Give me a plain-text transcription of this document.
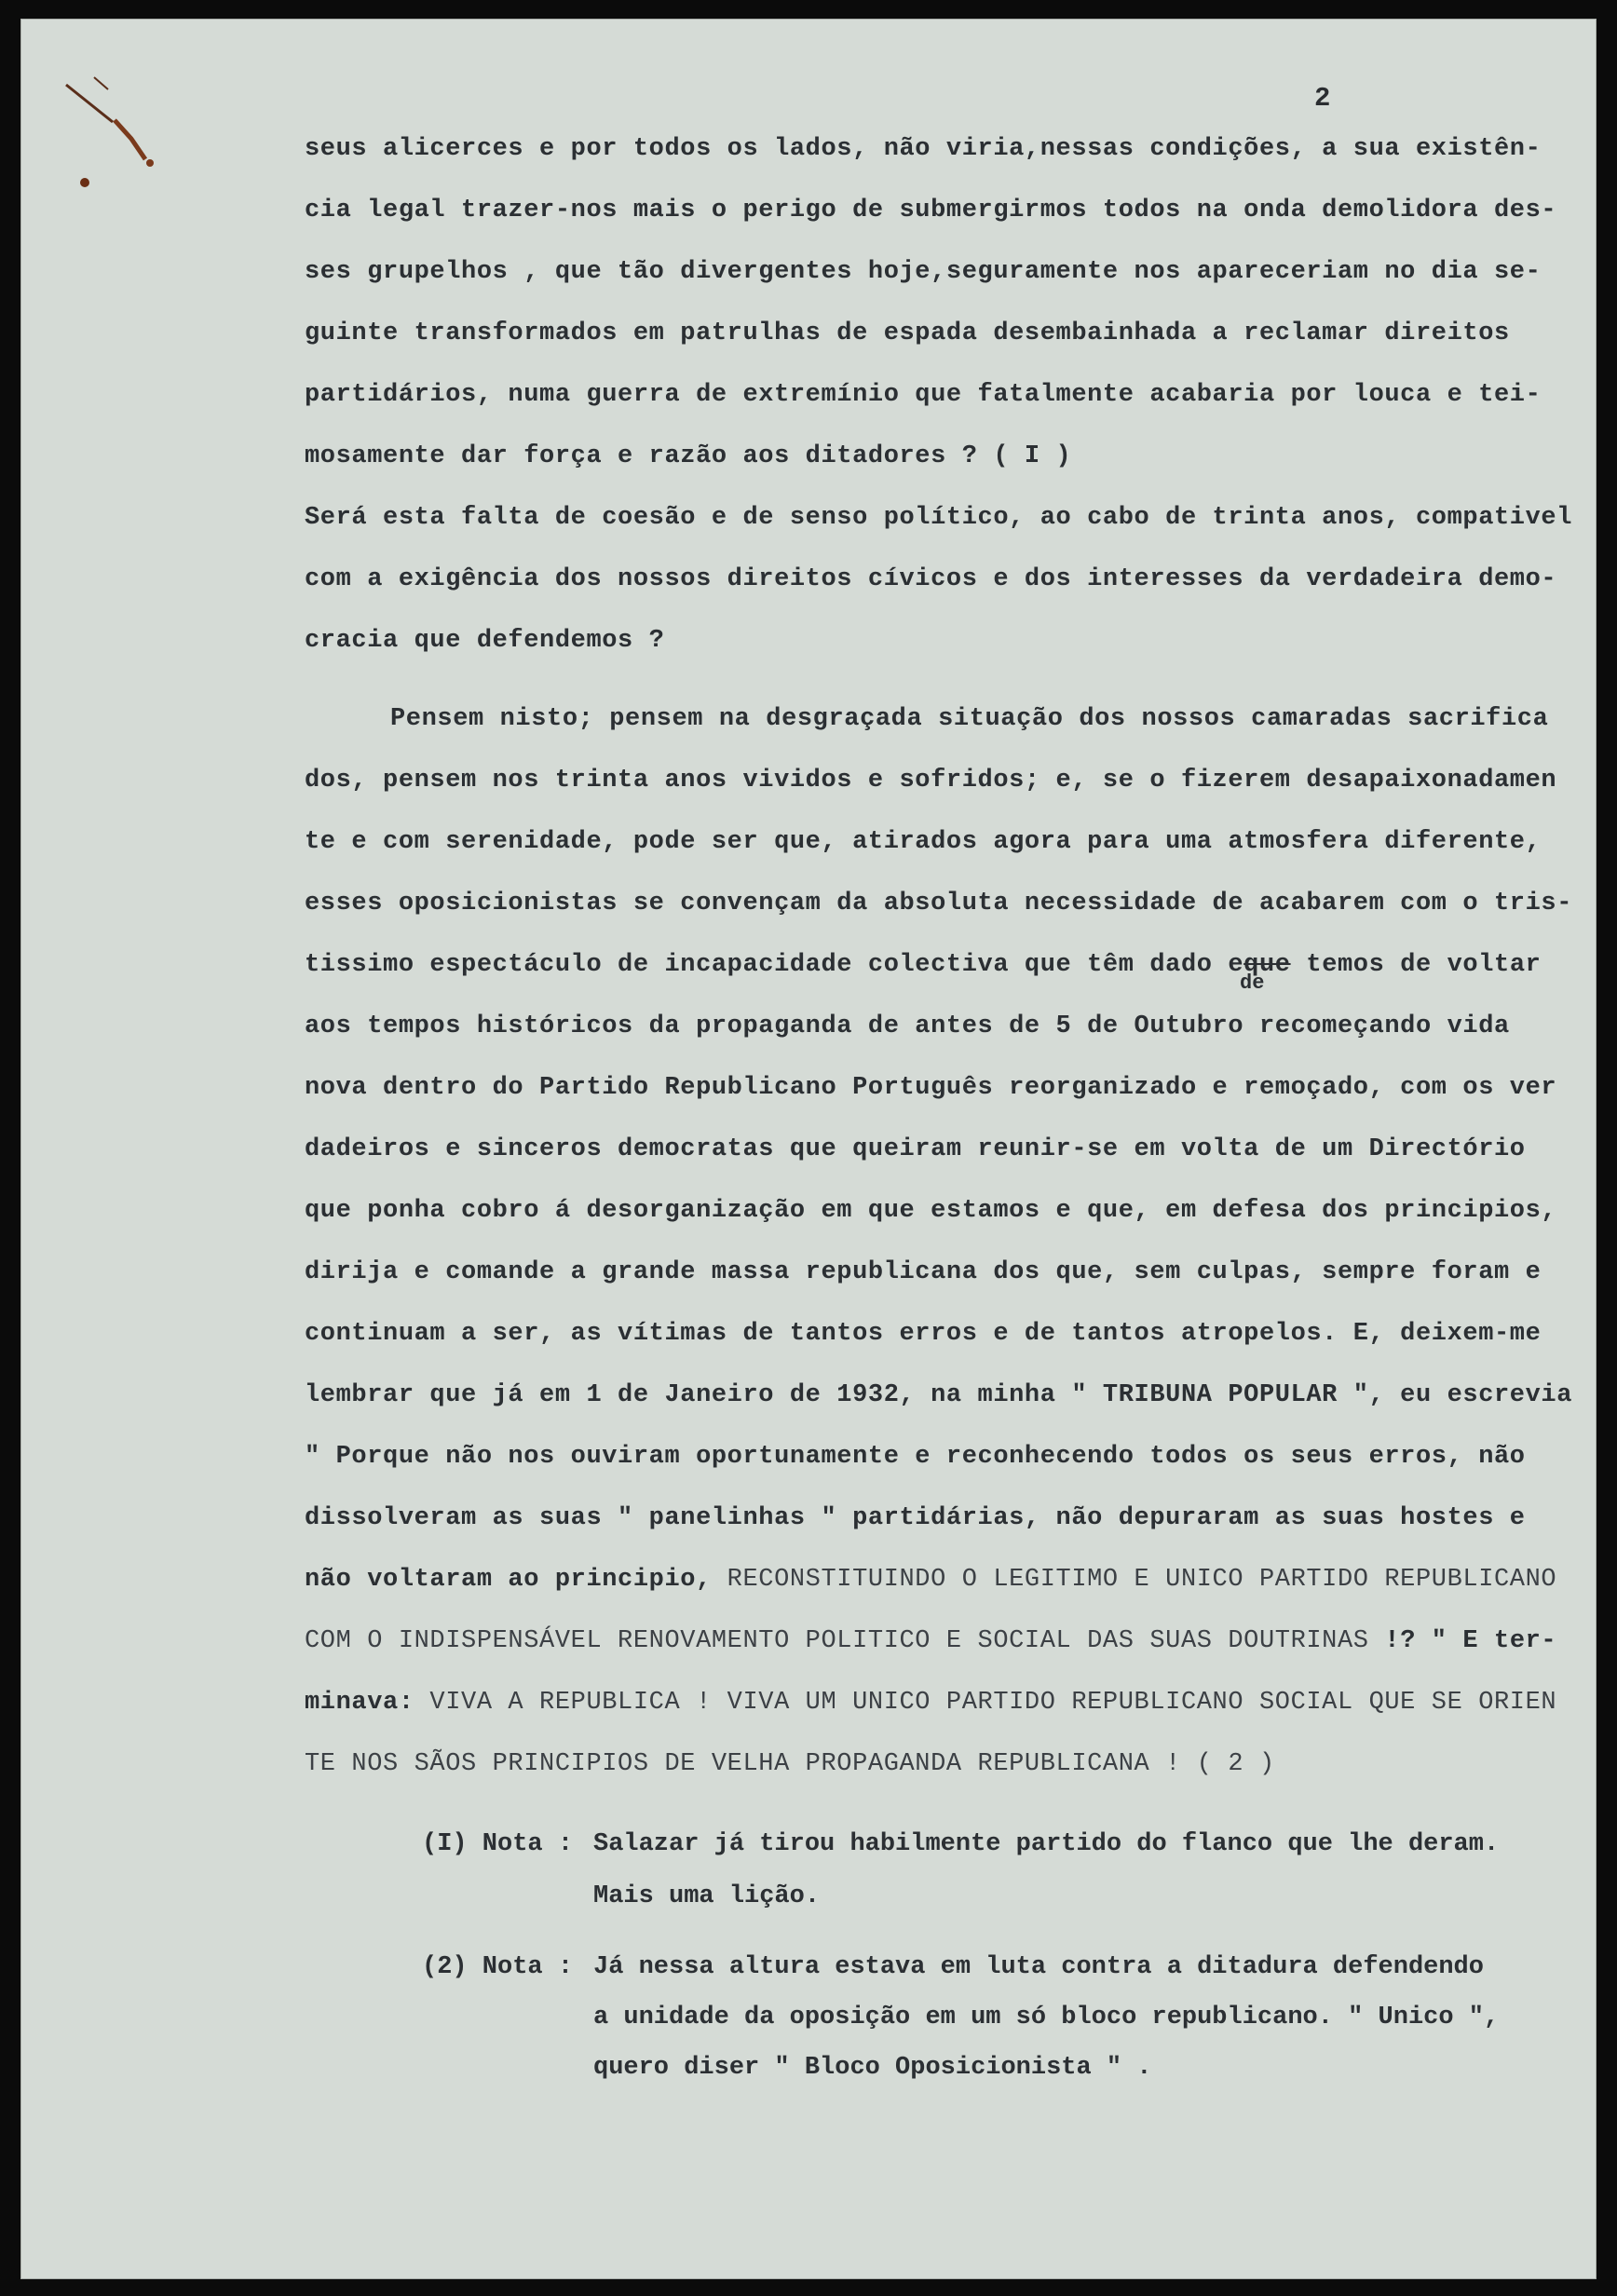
2
seus alicerces e por todos os lados, não viria,nessas condições, a sua existên-
cia legal trazer-nos mais o perigo de submergirmos todos na onda demolidora des-
ses grupelhos , que tão divergentes hoje,seguramente nos apareceriam no dia se-
guinte transformados em patrulhas de espada desembainhada a reclamar direitos
partidários, numa guerra de extremínio que fatalmente acabaria por louca e tei-
mosamente dar força e razão aos ditadores ? ( I )
Será esta falta de coesão e de senso político, ao cabo de trinta anos, compativel
com a exigência dos nossos direitos cívicos e dos interesses da verdadeira demo-
cracia que defendemos ?
Pensem nisto; pensem na desgraçada situação dos nossos camaradas sacrifica
dos, pensem nos trinta anos vividos e sofridos; e, se o fizerem desapaixonadamen
te e com serenidade, pode ser que, atirados agora para uma atmosfera diferente,
esses oposicionistas se convençam da absoluta necessidade de acabarem com o tris-
tissimo espectáculo de incapacidade colectiva que têm dado eque temos de voltar
de
aos tempos históricos da propaganda de antes de 5 de Outubro recomeçando vida
nova dentro do Partido Republicano Português reorganizado e remoçado, com os ver
dadeiros e sinceros democratas que queiram reunir-se em volta de um Directório
que ponha cobro á desorganização em que estamos e que, em defesa dos principios,
dirija e comande a grande massa republicana dos que, sem culpas, sempre foram e
continuam a ser, as vítimas de tantos erros e de tantos atropelos. E, deixem-me
lembrar que já em 1 de Janeiro de 1932, na minha " TRIBUNA POPULAR ", eu escrevia
" Porque não nos ouviram oportunamente e reconhecendo todos os seus erros, não
dissolveram as suas " panelinhas " partidárias, não depuraram as suas hostes e
não voltaram ao principio, RECONSTITUINDO O LEGITIMO E UNICO PARTIDO REPUBLICANO
COM O INDISPENSÁVEL RENOVAMENTO POLITICO E SOCIAL DAS SUAS DOUTRINAS !? " E ter-
minava: VIVA A REPUBLICA ! VIVA UM UNICO PARTIDO REPUBLICANO SOCIAL QUE SE ORIEN
TE NOS SÃOS PRINCIPIOS DE VELHA PROPAGANDA REPUBLICANA ! ( 2 )
(I) Nota : Salazar já tirou habilmente partido do flanco que lhe deram.
Mais uma lição.
(2) Nota : Já nessa altura estava em luta contra a ditadura defendendo
a unidade da oposição em um só bloco republicano. " Unico ",
quero diser " Bloco Oposicionista " .
